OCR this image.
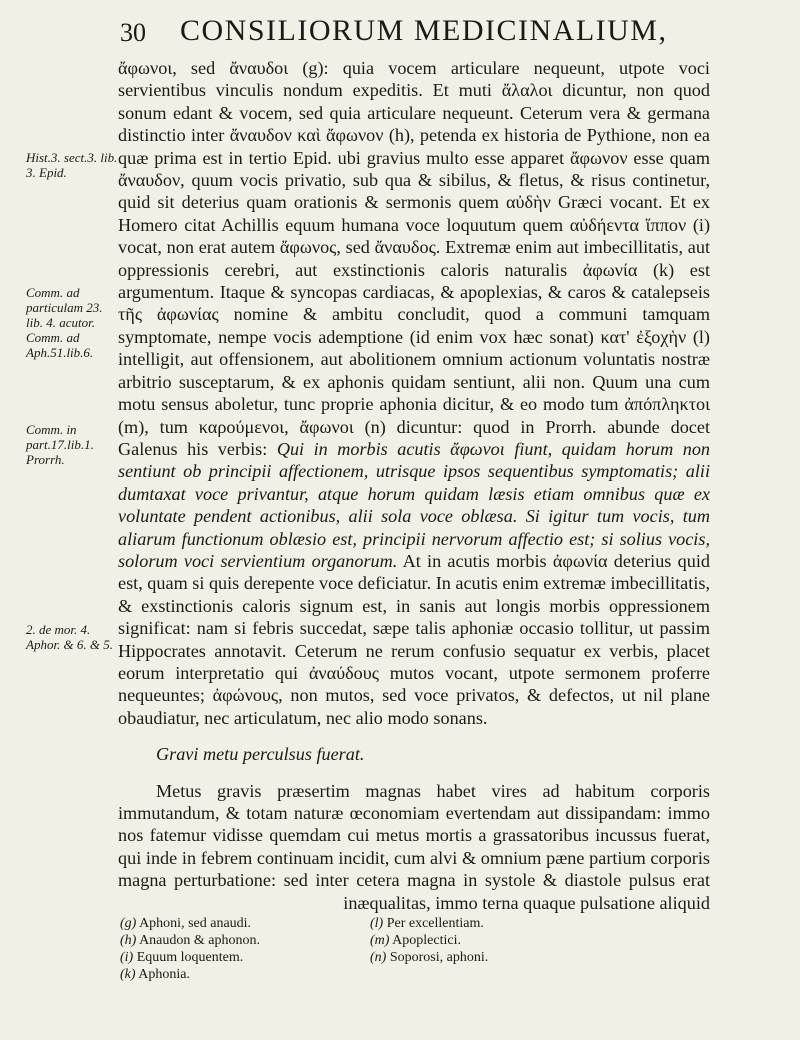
30 CONSILIORUM MEDICINALIUM,
Hist.3. sect.3. lib. 3. Epid.
Comm. ad particulam 23. lib. 4. acutor. Comm. ad Aph.51.lib.6.
Comm. in part.17.lib.1. Prorrh.
2. de mor. 4. Aphor. & 6. & 5.

ἄφωνοι, sed ἄναυδοι (g): quia vocem articulare nequeunt, utpote voci servientibus vinculis nondum expeditis. Et muti ἄλαλοι dicuntur, non quod sonum edant & vocem, sed quia articulare nequeunt. Ceterum vera & germana distinctio inter ἄναυδον καὶ ἄφωνον (h), petenda ex historia de Pythione, non ea quæ prima est in tertio Epid. ubi gravius multo esse apparet ἄφωνον esse quam ἄναυδον, quum vocis privatio, sub qua & sibilus, & fletus, & risus continetur, quid sit deterius quam orationis & sermonis quem αὐδὴν Græci vocant. Et ex Homero citat Achillis equum humana voce loquutum quem αὐδήεντα ἵππον (i) vocat, non erat autem ἄφωνος, sed ἄναυδος. Extremæ enim aut imbecillitatis, aut oppressionis cerebri, aut exstinctionis caloris naturalis ἀφωνία (k) est argumentum. Itaque & syncopas cardiacas, & apoplexias, & caros & catalepseis τῆς ἀφωνίας nomine & ambitu concludit, quod a communi tamquam symptomate, nempe vocis ademptione (id enim vox hæc sonat) κατ' ἐξοχὴν (l) intelligit, aut offensionem, aut abolitionem omnium actionum voluntatis nostræ arbitrio susceptarum, & ex aphonis quidam sentiunt, alii non. Quum una cum motu sensus aboletur, tunc proprie aphonia dicitur, & eo modo tum ἀπόπληκτοι (m), tum καρούμενοι, ἄφωνοι (n) dicuntur: quod in Prorrh. abunde docet Galenus his verbis: Qui in morbis acutis ἄφωνοι fiunt, quidam horum non sentiunt ob principii affectionem, utrisque ipsos sequentibus symptomatis; alii dumtaxat voce privantur, atque horum quidam læsis etiam omnibus quæ ex voluntate pendent actionibus, alii sola voce oblæsa. Si igitur tum vocis, tum aliarum functionum oblæsio est, principii nervorum affectio est; si solius vocis, solorum voci servientium organorum. At in acutis morbis ἀφωνία deterius quid est, quam si quis derepente voce deficiatur. In acutis enim extremæ imbecillitatis, & exstinctionis caloris signum est, in sanis aut longis morbis oppressionem significat: nam si febris succedat, sæpe talis aphoniæ occasio tollitur, ut passim Hippocrates annotavit. Ceterum ne rerum confusio sequatur ex verbis, placet eorum interpretatio qui ἀναύδους mutos vocant, utpote sermonem proferre nequeuntes; ἀφώνους, non mutos, sed voce privatos, & defectos, ut nil plane obaudiatur, nec articulatum, nec alio modo sonans.

Gravi metu perculsus fuerat.

Metus gravis præsertim magnas habet vires ad habitum corporis immutandum, & totam naturæ œconomiam evertendam aut dissipandam: immo nos fatemur vidisse quemdam cui metus mortis a grassatoribus incussus fuerat, qui inde in febrem continuam incidit, cum alvi & omnium pæne partium corporis magna perturbatione: sed inter cetera magna in systole & diastole pulsus erat inæqualitas, immo terna quaque pulsatione aliquid

(g) Aphoni, sed anaudi.
(h) Anaudon & aphonon.
(i) Equum loquentem.
(k) Aphonia.
(l) Per excellentiam.
(m) Apoplectici.
(n) Soporosi, aphoni.
